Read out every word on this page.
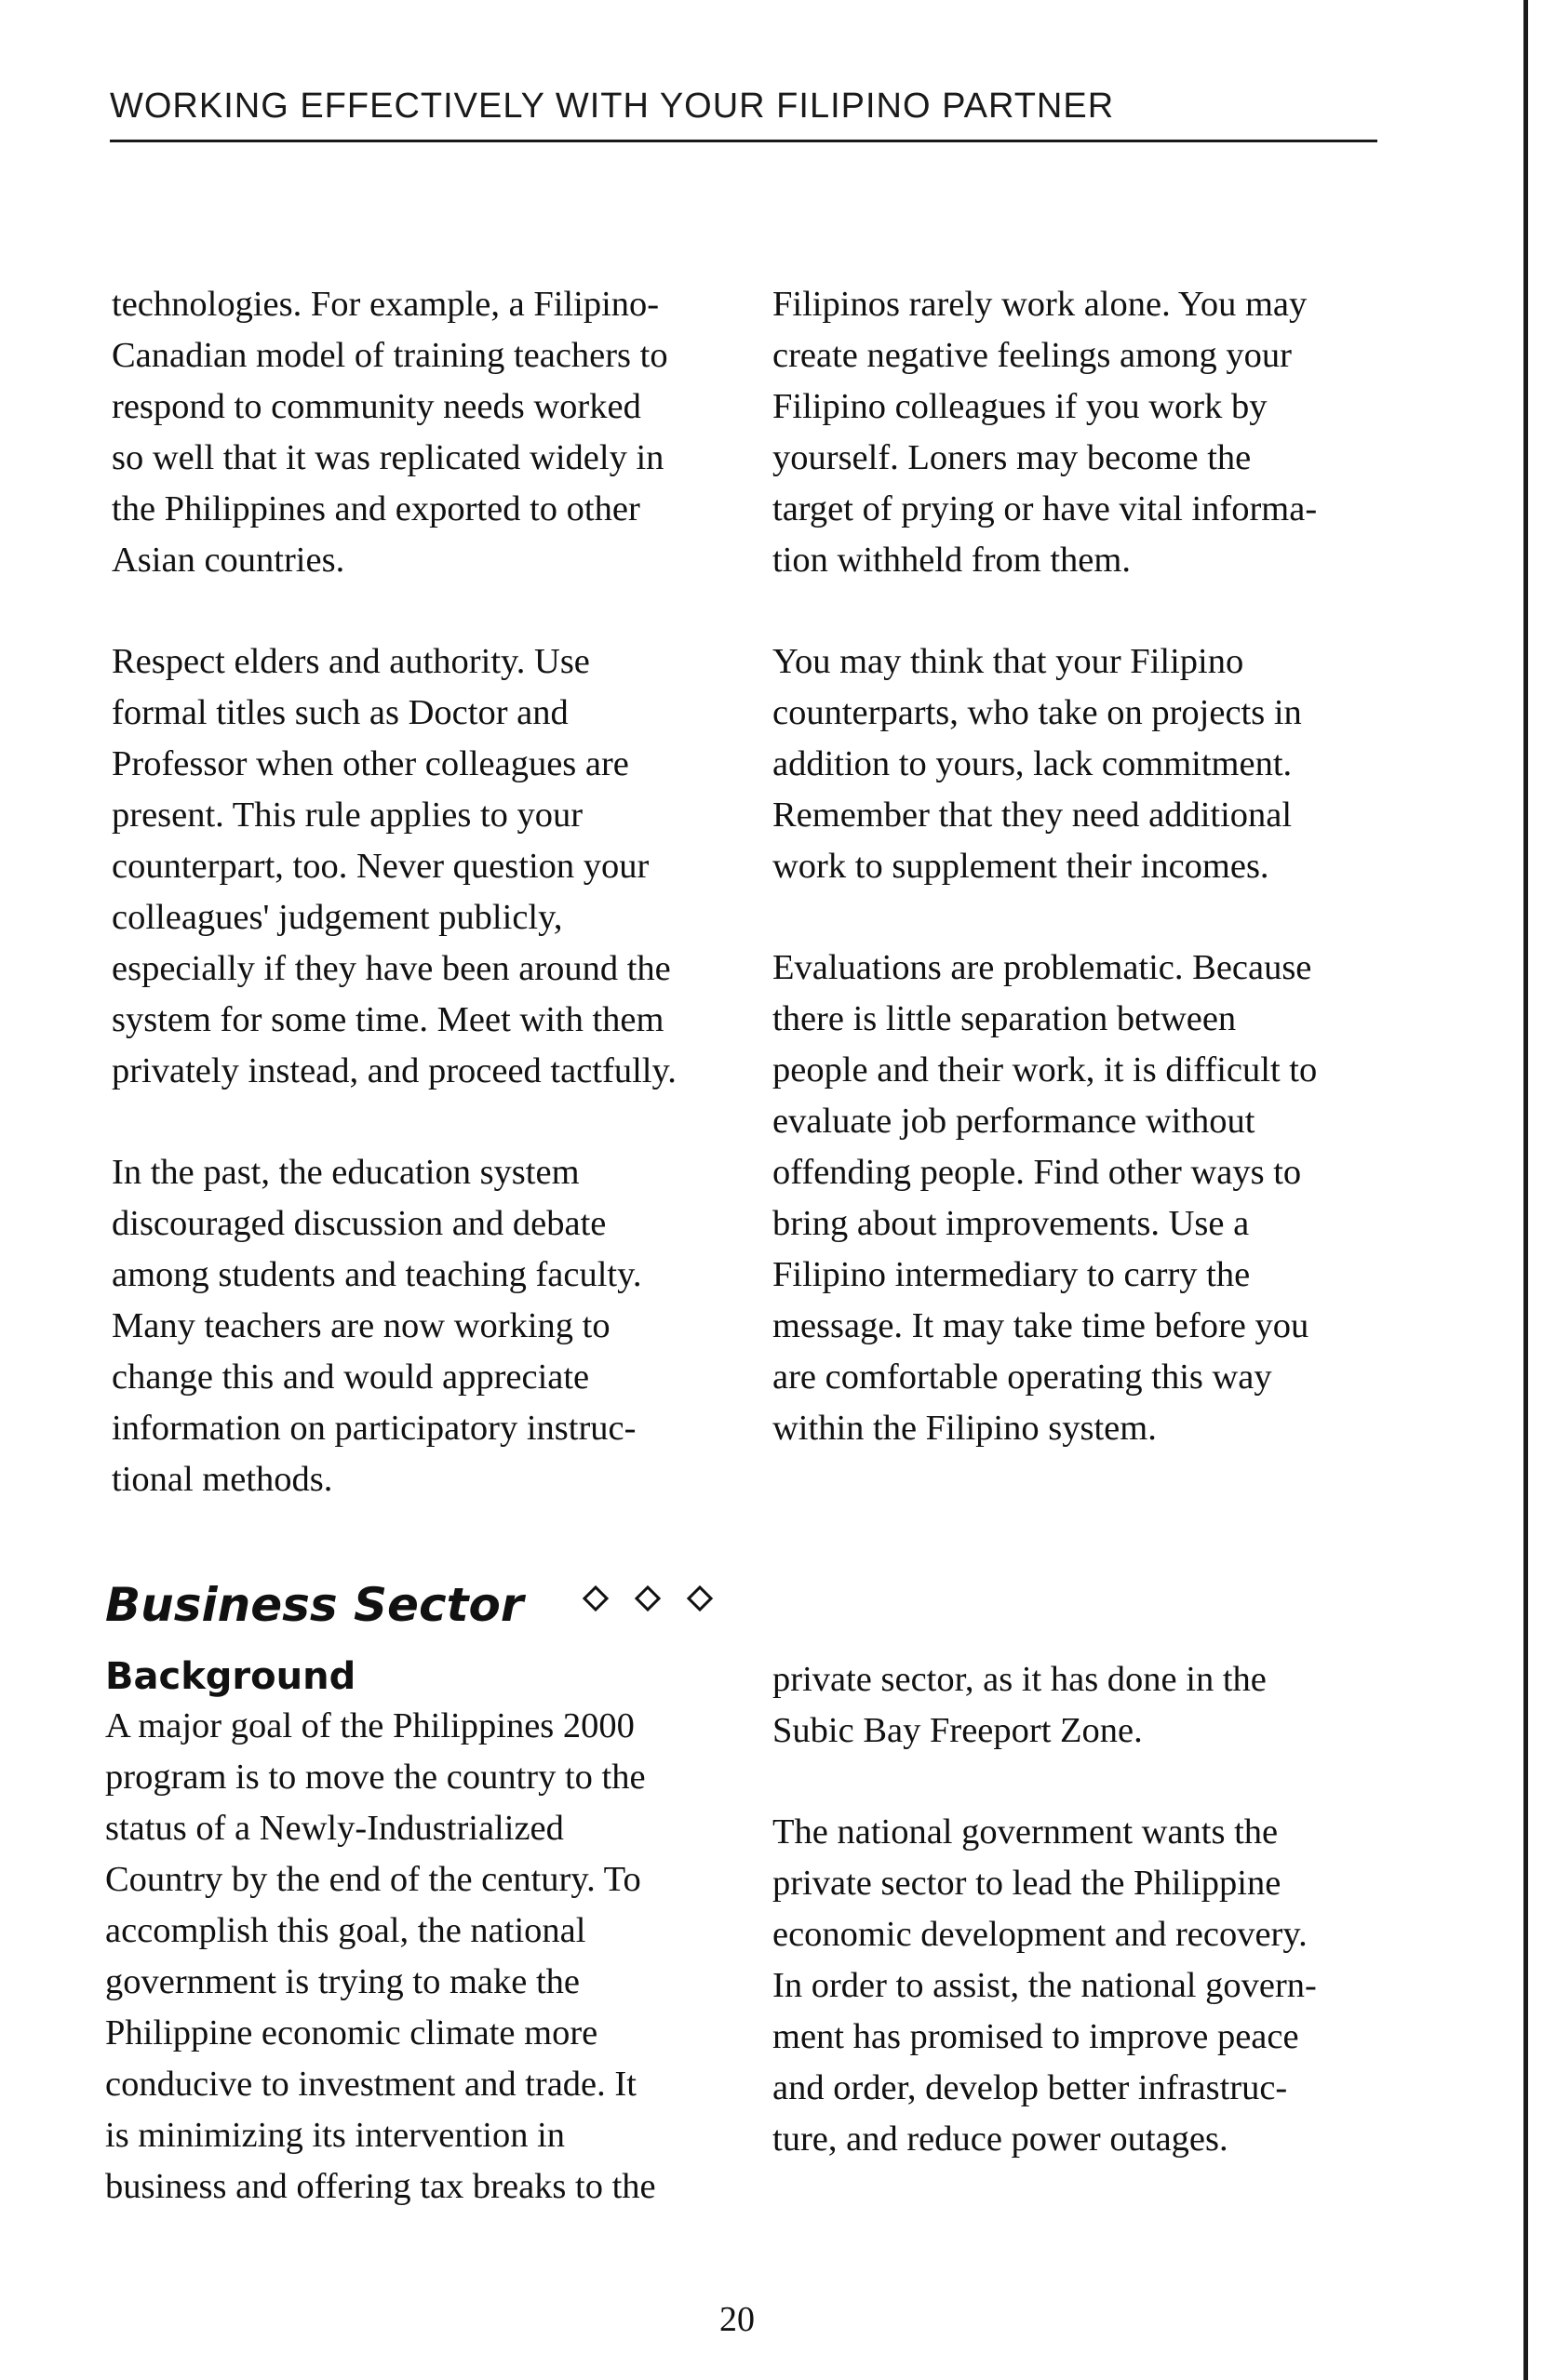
WORKING EFFECTIVELY WITH YOUR FILIPINO PARTNER

technologies. For example, a Filipino-
Canadian model of training teachers to
respond to community needs worked
so well that it was replicated widely in
the Philippines and exported to other
Asian countries.

Respect elders and authority. Use
formal titles such as Doctor and
Professor when other colleagues are
present. This rule applies to your
counterpart, too. Never question your
colleagues' judgement publicly,
especially if they have been around the
system for some time. Meet with them
privately instead, and proceed tactfully.

In the past, the education system
discouraged discussion and debate
among students and teaching faculty.
Many teachers are now working to
change this and would appreciate
information on participatory instruc-
tional methods.

Filipinos rarely work alone. You may
create negative feelings among your
Filipino colleagues if you work by
yourself. Loners may become the
target of prying or have vital informa-
tion withheld from them.

You may think that your Filipino
counterparts, who take on projects in
addition to yours, lack commitment.
Remember that they need additional
work to supplement their incomes.

Evaluations are problematic. Because
there is little separation between
people and their work, it is difficult to
evaluate job performance without
offending people. Find other ways to
bring about improvements. Use a
Filipino intermediary to carry the
message. It may take time before you
are comfortable operating this way
within the Filipino system.

Business Sector
Background

A major goal of the Philippines 2000
program is to move the country to the
status of a Newly-Industrialized
Country by the end of the century. To
accomplish this goal, the national
government is trying to make the
Philippine economic climate more
conducive to investment and trade. It
is minimizing its intervention in
business and offering tax breaks to the

private sector, as it has done in the
Subic Bay Freeport Zone.

The national government wants the
private sector to lead the Philippine
economic development and recovery.
In order to assist, the national govern-
ment has promised to improve peace
and order, develop better infrastruc-
ture, and reduce power outages.

20
